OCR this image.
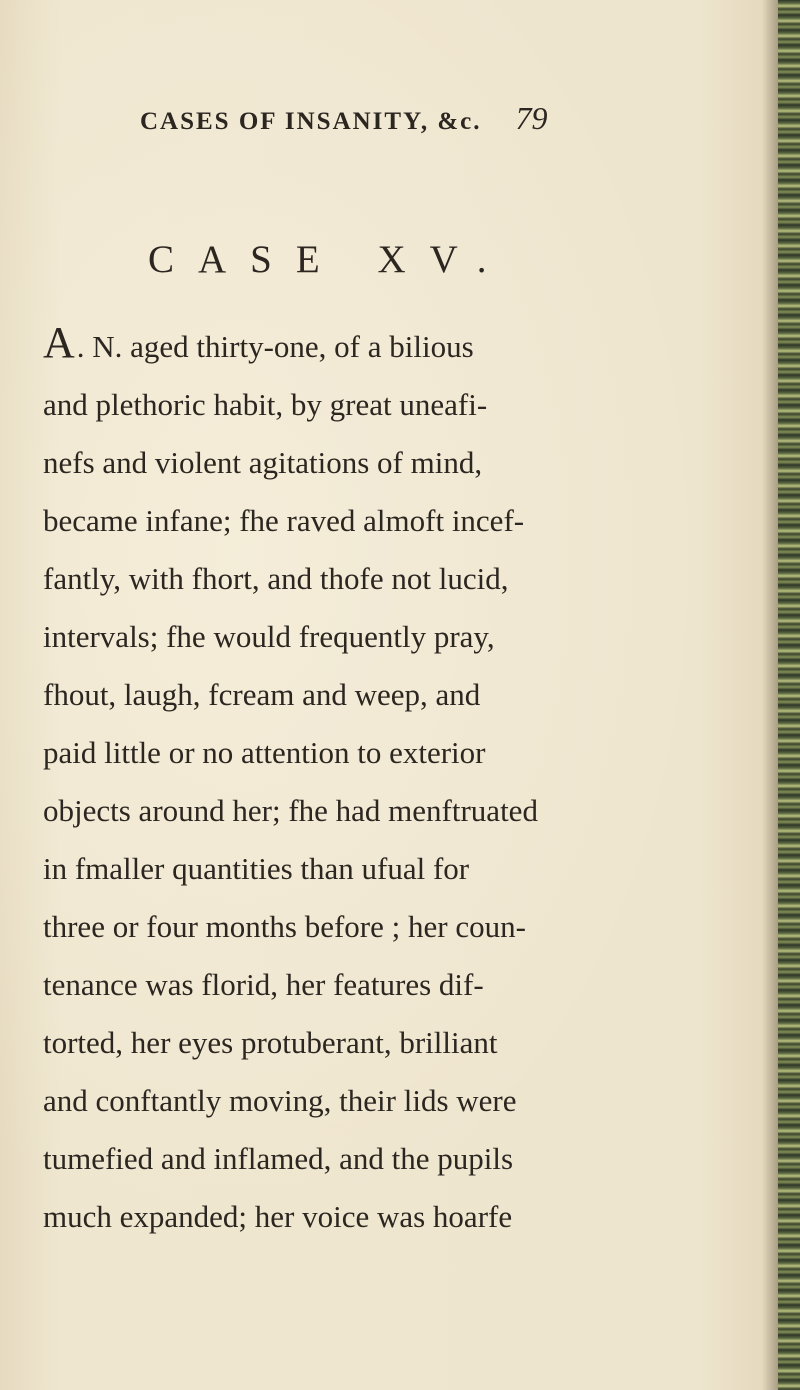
CASES OF INSANITY, &c. 79
CASE XV.
A. N. aged thirty-one, of a bilious
and plethoric habit, by great uneafi-
nefs and violent agitations of mind,
became infane; fhe raved almoft incef-
fantly, with fhort, and thofe not lucid,
intervals; fhe would frequently pray,
fhout, laugh, fcream and weep, and
paid little or no attention to exterior
objects around her; fhe had menftruated
in fmaller quantities than ufual for
three or four months before ; her coun-
tenance was florid, her features dif-
torted, her eyes protuberant, brilliant
and conftantly moving, their lids were
tumefied and inflamed, and the pupils
much expanded; her voice was hoarfe
